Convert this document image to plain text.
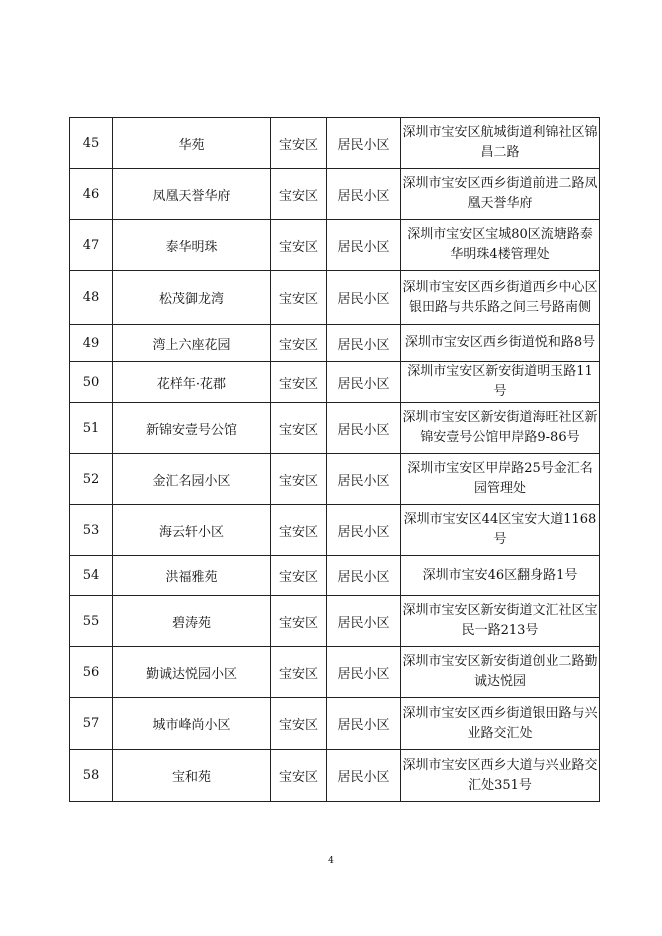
45	华苑	宝安区	居民小区	深圳市宝安区航城街道利锦社区锦昌二路
46	凤凰天誉华府	宝安区	居民小区	深圳市宝安区西乡街道前进二路凤凰天誉华府
47	泰华明珠	宝安区	居民小区	深圳市宝安区宝城80区流塘路泰华明珠4楼管理处
48	松茂御龙湾	宝安区	居民小区	深圳市宝安区西乡街道西乡中心区银田路与共乐路之间三号路南侧
49	湾上六座花园	宝安区	居民小区	深圳市宝安区西乡街道悦和路8号
50	花样年·花郡	宝安区	居民小区	深圳市宝安区新安街道明玉路11号
51	新锦安壹号公馆	宝安区	居民小区	深圳市宝安区新安街道海旺社区新锦安壹号公馆甲岸路9-86号
52	金汇名园小区	宝安区	居民小区	深圳市宝安区甲岸路25号金汇名园管理处
53	海云轩小区	宝安区	居民小区	深圳市宝安区44区宝安大道1168号
54	洪福雅苑	宝安区	居民小区	深圳市宝安46区翻身路1号
55	碧涛苑	宝安区	居民小区	深圳市宝安区新安街道文汇社区宝民一路213号
56	勤诚达悦园小区	宝安区	居民小区	深圳市宝安区新安街道创业二路勤诚达悦园
57	城市峰尚小区	宝安区	居民小区	深圳市宝安区西乡街道银田路与兴业路交汇处
58	宝和苑	宝安区	居民小区	深圳市宝安区西乡大道与兴业路交汇处351号
4
